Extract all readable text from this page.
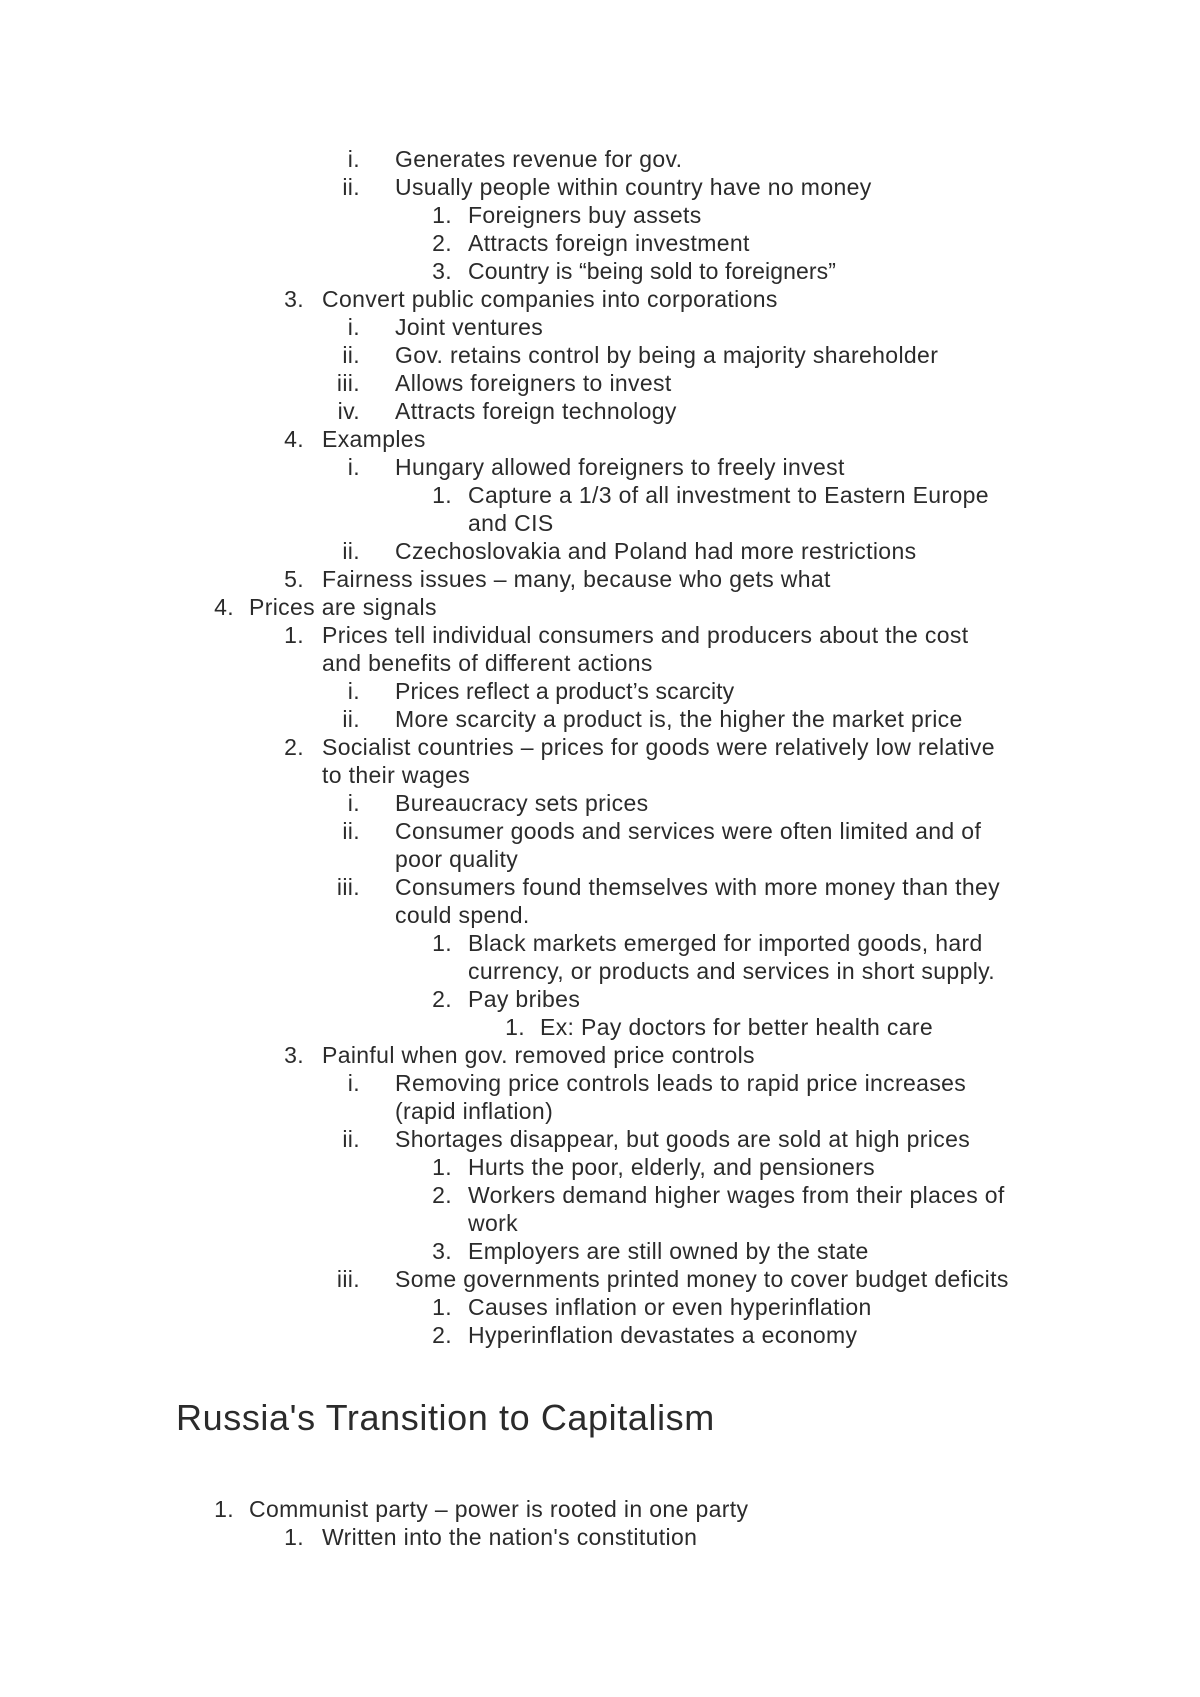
i. Generates revenue for gov.
ii. Usually people within country have no money
1. Foreigners buy assets
2. Attracts foreign investment
3. Country is “being sold to foreigners”
3. Convert public companies into corporations
i. Joint ventures
ii. Gov. retains control by being a majority shareholder
iii. Allows foreigners to invest
iv. Attracts foreign technology
4. Examples
i. Hungary allowed foreigners to freely invest
1. Capture a 1/3 of all investment to Eastern Europe
and CIS
ii. Czechoslovakia and Poland had more restrictions
5. Fairness issues – many, because who gets what
4. Prices are signals
1. Prices tell individual consumers and producers about the cost
and benefits of different actions
i. Prices reflect a product’s scarcity
ii. More scarcity a product is, the higher the market price
2. Socialist countries – prices for goods were relatively low relative
to their wages
i. Bureaucracy sets prices
ii. Consumer goods and services were often limited and of
poor quality
iii. Consumers found themselves with more money than they
could spend.
1. Black markets emerged for imported goods, hard
currency, or products and services in short supply.
2. Pay bribes
1. Ex: Pay doctors for better health care
3. Painful when gov. removed price controls
i. Removing price controls leads to rapid price increases
(rapid inflation)
ii. Shortages disappear, but goods are sold at high prices
1. Hurts the poor, elderly, and pensioners
2. Workers demand higher wages from their places of
work
3. Employers are still owned by the state
iii. Some governments printed money to cover budget deficits
1. Causes inflation or even hyperinflation
2. Hyperinflation devastates a economy
Russia's Transition to Capitalism
1. Communist party – power is rooted in one party
1. Written into the nation's constitution
